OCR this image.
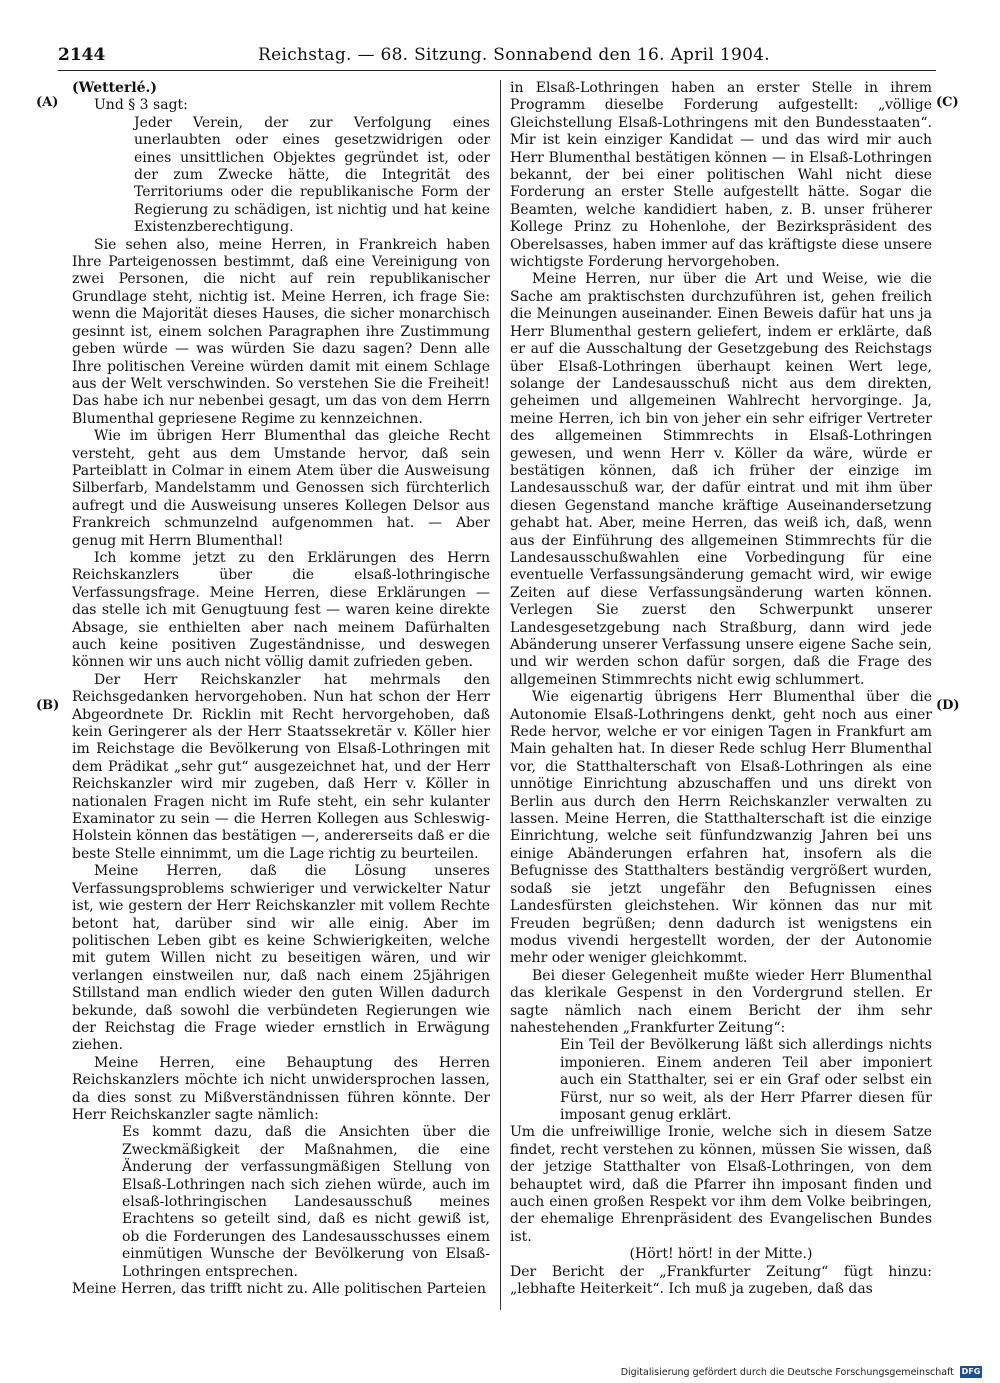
2144	Reichstag. — 68. Sitzung. Sonnabend den 16. April 1904.
(A)
(B)
(C)
(D)

(Wetterlé.)

Und § 3 sagt:

Jeder Verein, der zur Verfolgung eines unerlaubten oder eines gesetzwidrigen oder eines unsittlichen Objektes gegründet ist, oder der zum Zwecke hätte, die Integrität des Territoriums oder die republikanische Form der Regierung zu schädigen, ist nichtig und hat keine Existenzberechtigung.

Sie sehen also, meine Herren, in Frankreich haben Ihre Parteigenossen bestimmt, daß eine Vereinigung von zwei Personen, die nicht auf rein republikanischer Grundlage steht, nichtig ist. Meine Herren, ich frage Sie: wenn die Majorität dieses Hauses, die sicher monarchisch gesinnt ist, einem solchen Paragraphen ihre Zustimmung geben würde — was würden Sie dazu sagen? Denn alle Ihre politischen Vereine würden damit mit einem Schlage aus der Welt verschwinden. So verstehen Sie die Freiheit! Das habe ich nur nebenbei gesagt, um das von dem Herrn Blumenthal gepriesene Regime zu kennzeichnen.

Wie im übrigen Herr Blumenthal das gleiche Recht versteht, geht aus dem Umstande hervor, daß sein Parteiblatt in Colmar in einem Atem über die Ausweisung Silberfarb, Mandelstamm und Genossen sich fürchterlich aufregt und die Ausweisung unseres Kollegen Delsor aus Frankreich schmunzelnd aufgenommen hat. — Aber genug mit Herrn Blumenthal!

Ich komme jetzt zu den Erklärungen des Herrn Reichskanzlers über die elsaß-lothringische Verfassungsfrage. Meine Herren, diese Erklärungen — das stelle ich mit Genugtuung fest — waren keine direkte Absage, sie enthielten aber nach meinem Dafürhalten auch keine positiven Zugeständnisse, und deswegen können wir uns auch nicht völlig damit zufrieden geben.

Der Herr Reichskanzler hat mehrmals den Reichsgedanken hervorgehoben. Nun hat schon der Herr Abgeordnete Dr. Ricklin mit Recht hervorgehoben, daß kein Geringerer als der Herr Staatssekretär v. Köller hier im Reichstage die Bevölkerung von Elsaß-Lothringen mit dem Prädikat „sehr gut“ ausgezeichnet hat, und der Herr Reichskanzler wird mir zugeben, daß Herr v. Köller in nationalen Fragen nicht im Rufe steht, ein sehr kulanter Examinator zu sein — die Herren Kollegen aus Schleswig-Holstein können das bestätigen —, andererseits daß er die beste Stelle einnimmt, um die Lage richtig zu beurteilen.

Meine Herren, daß die Lösung unseres Verfassungsproblems schwieriger und verwickelter Natur ist, wie gestern der Herr Reichskanzler mit vollem Rechte betont hat, darüber sind wir alle einig. Aber im politischen Leben gibt es keine Schwierigkeiten, welche mit gutem Willen nicht zu beseitigen wären, und wir verlangen einstweilen nur, daß nach einem 25jährigen Stillstand man endlich wieder den guten Willen dadurch bekunde, daß sowohl die verbündeten Regierungen wie der Reichstag die Frage wieder ernstlich in Erwägung ziehen.

Meine Herren, eine Behauptung des Herren Reichskanzlers möchte ich nicht unwidersprochen lassen, da dies sonst zu Mißverständnissen führen könnte. Der Herr Reichskanzler sagte nämlich:

Es kommt dazu, daß die Ansichten über die Zweckmäßigkeit der Maßnahmen, die eine Änderung der verfassungmäßigen Stellung von Elsaß-Lothringen nach sich ziehen würde, auch im elsaß-lothringischen Landesausschuß meines Erachtens so geteilt sind, daß es nicht gewiß ist, ob die Forderungen des Landesausschusses einem einmütigen Wunsche der Bevölkerung von Elsaß-Lothringen entsprechen.

Meine Herren, das trifft nicht zu. Alle politischen Parteien

in Elsaß-Lothringen haben an erster Stelle in ihrem Programm dieselbe Forderung aufgestellt: „völlige Gleichstellung Elsaß-Lothringens mit den Bundesstaaten“. Mir ist kein einziger Kandidat — und das wird mir auch Herr Blumenthal bestätigen können — in Elsaß-Lothringen bekannt, der bei einer politischen Wahl nicht diese Forderung an erster Stelle aufgestellt hätte. Sogar die Beamten, welche kandidiert haben, z. B. unser früherer Kollege Prinz zu Hohenlohe, der Bezirkspräsident des Oberelsasses, haben immer auf das kräftigste diese unsere wichtigste Forderung hervorgehoben.

Meine Herren, nur über die Art und Weise, wie die Sache am praktischsten durchzuführen ist, gehen freilich die Meinungen auseinander. Einen Beweis dafür hat uns ja Herr Blumenthal gestern geliefert, indem er erklärte, daß er auf die Ausschaltung der Gesetzgebung des Reichstags über Elsaß-Lothringen überhaupt keinen Wert lege, solange der Landesausschuß nicht aus dem direkten, geheimen und allgemeinen Wahlrecht hervorginge. Ja, meine Herren, ich bin von jeher ein sehr eifriger Vertreter des allgemeinen Stimmrechts in Elsaß-Lothringen gewesen, und wenn Herr v. Köller da wäre, würde er bestätigen können, daß ich früher der einzige im Landesausschuß war, der dafür eintrat und mit ihm über diesen Gegenstand manche kräftige Auseinandersetzung gehabt hat. Aber, meine Herren, das weiß ich, daß, wenn aus der Einführung des allgemeinen Stimmrechts für die Landesausschußwahlen eine Vorbedingung für eine eventuelle Verfassungsänderung gemacht wird, wir ewige Zeiten auf diese Verfassungsänderung warten können. Verlegen Sie zuerst den Schwerpunkt unserer Landesgesetzgebung nach Straßburg, dann wird jede Abänderung unserer Verfassung unsere eigene Sache sein, und wir werden schon dafür sorgen, daß die Frage des allgemeinen Stimmrechts nicht ewig schlummert.

Wie eigenartig übrigens Herr Blumenthal über die Autonomie Elsaß-Lothringens denkt, geht noch aus einer Rede hervor, welche er vor einigen Tagen in Frankfurt am Main gehalten hat. In dieser Rede schlug Herr Blumenthal vor, die Statthalterschaft von Elsaß-Lothringen als eine unnötige Einrichtung abzuschaffen und uns direkt von Berlin aus durch den Herrn Reichskanzler verwalten zu lassen. Meine Herren, die Statthalterschaft ist die einzige Einrichtung, welche seit fünfundzwanzig Jahren bei uns einige Abänderungen erfahren hat, insofern als die Befugnisse des Statthalters beständig vergrößert wurden, sodaß sie jetzt ungefähr den Befugnissen eines Landesfürsten gleichstehen. Wir können das nur mit Freuden begrüßen; denn dadurch ist wenigstens ein modus vivendi hergestellt worden, der der Autonomie mehr oder weniger gleichkommt.

Bei dieser Gelegenheit mußte wieder Herr Blumenthal das klerikale Gespenst in den Vordergrund stellen. Er sagte nämlich nach einem Bericht der ihm sehr nahestehenden „Frankfurter Zeitung“:

Ein Teil der Bevölkerung läßt sich allerdings nichts imponieren. Einem anderen Teil aber imponiert auch ein Statthalter, sei er ein Graf oder selbst ein Fürst, nur so weit, als der Herr Pfarrer diesen für imposant genug erklärt.

Um die unfreiwillige Ironie, welche sich in diesem Satze findet, recht verstehen zu können, müssen Sie wissen, daß der jetzige Statthalter von Elsaß-Lothringen, von dem behauptet wird, daß die Pfarrer ihn imposant finden und auch einen großen Respekt vor ihm dem Volke beibringen, der ehemalige Ehrenpräsident des Evangelischen Bundes ist.

(Hört! hört! in der Mitte.)

Der Bericht der „Frankfurter Zeitung“ fügt hinzu: „lebhafte Heiterkeit“. Ich muß ja zugeben, daß das

Digitalisierung gefördert durch die Deutsche Forschungsgemeinschaft DFG
